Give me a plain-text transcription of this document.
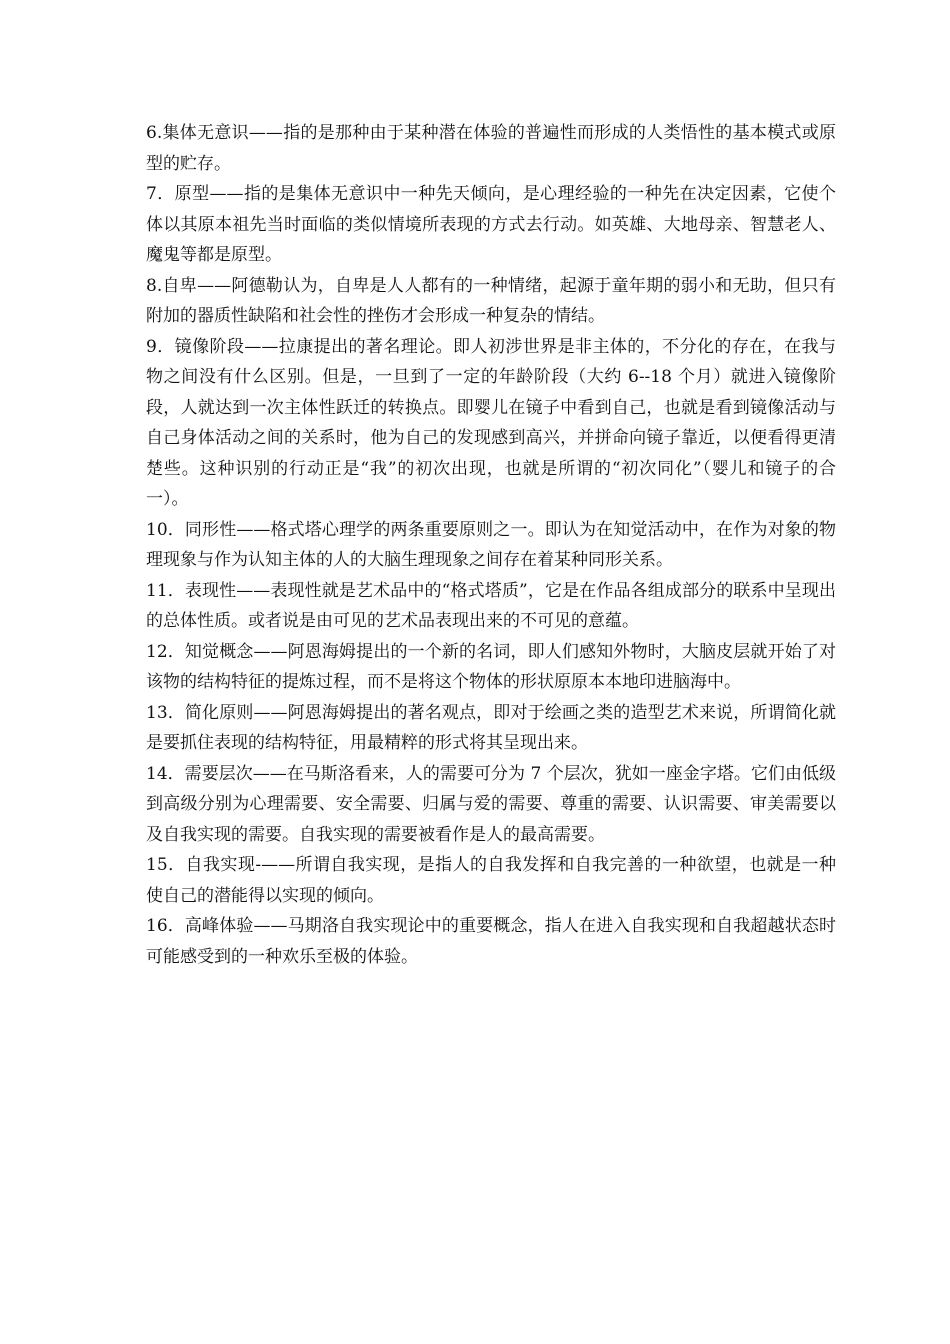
6.集体无意识——指的是那种由于某种潜在体验的普遍性而形成的人类悟性的基本模式或原型的贮存。

7．原型——指的是集体无意识中一种先天倾向，是心理经验的一种先在决定因素，它使个体以其原本祖先当时面临的类似情境所表现的方式去行动。如英雄、大地母亲、智慧老人、魔鬼等都是原型。

8.自卑——阿德勒认为，自卑是人人都有的一种情绪，起源于童年期的弱小和无助，但只有附加的器质性缺陷和社会性的挫伤才会形成一种复杂的情结。

9．镜像阶段——拉康提出的著名理论。即人初涉世界是非主体的，不分化的存在，在我与物之间没有什么区别。但是，一旦到了一定的年龄阶段（大约 6--18 个月）就进入镜像阶段，人就达到一次主体性跃迁的转换点。即婴儿在镜子中看到自己，也就是看到镜像活动与自己身体活动之间的关系时，他为自己的发现感到高兴，并拼命向镜子靠近，以便看得更清楚些。这种识别的行动正是“我”的初次出现，也就是所谓的“初次同化”（婴儿和镜子的合一）。

10．同形性——格式塔心理学的两条重要原则之一。即认为在知觉活动中，在作为对象的物理现象与作为认知主体的人的大脑生理现象之间存在着某种同形关系。

11．表现性——表现性就是艺术品中的“格式塔质”，它是在作品各组成部分的联系中呈现出的总体性质。或者说是由可见的艺术品表现出来的不可见的意蕴。

12．知觉概念——阿恩海姆提出的一个新的名词，即人们感知外物时，大脑皮层就开始了对该物的结构特征的提炼过程，而不是将这个物体的形状原原本本地印进脑海中。

13．简化原则——阿恩海姆提出的著名观点，即对于绘画之类的造型艺术来说，所谓简化就是要抓住表现的结构特征，用最精粹的形式将其呈现出来。

14．需要层次——在马斯洛看来，人的需要可分为 7 个层次，犹如一座金字塔。它们由低级到高级分别为心理需要、安全需要、归属与爱的需要、尊重的需要、认识需要、审美需要以及自我实现的需要。自我实现的需要被看作是人的最高需要。

15．自我实现-——所谓自我实现，是指人的自我发挥和自我完善的一种欲望，也就是一种使自己的潜能得以实现的倾向。

16．高峰体验——马期洛自我实现论中的重要概念，指人在进入自我实现和自我超越状态时可能感受到的一种欢乐至极的体验。
